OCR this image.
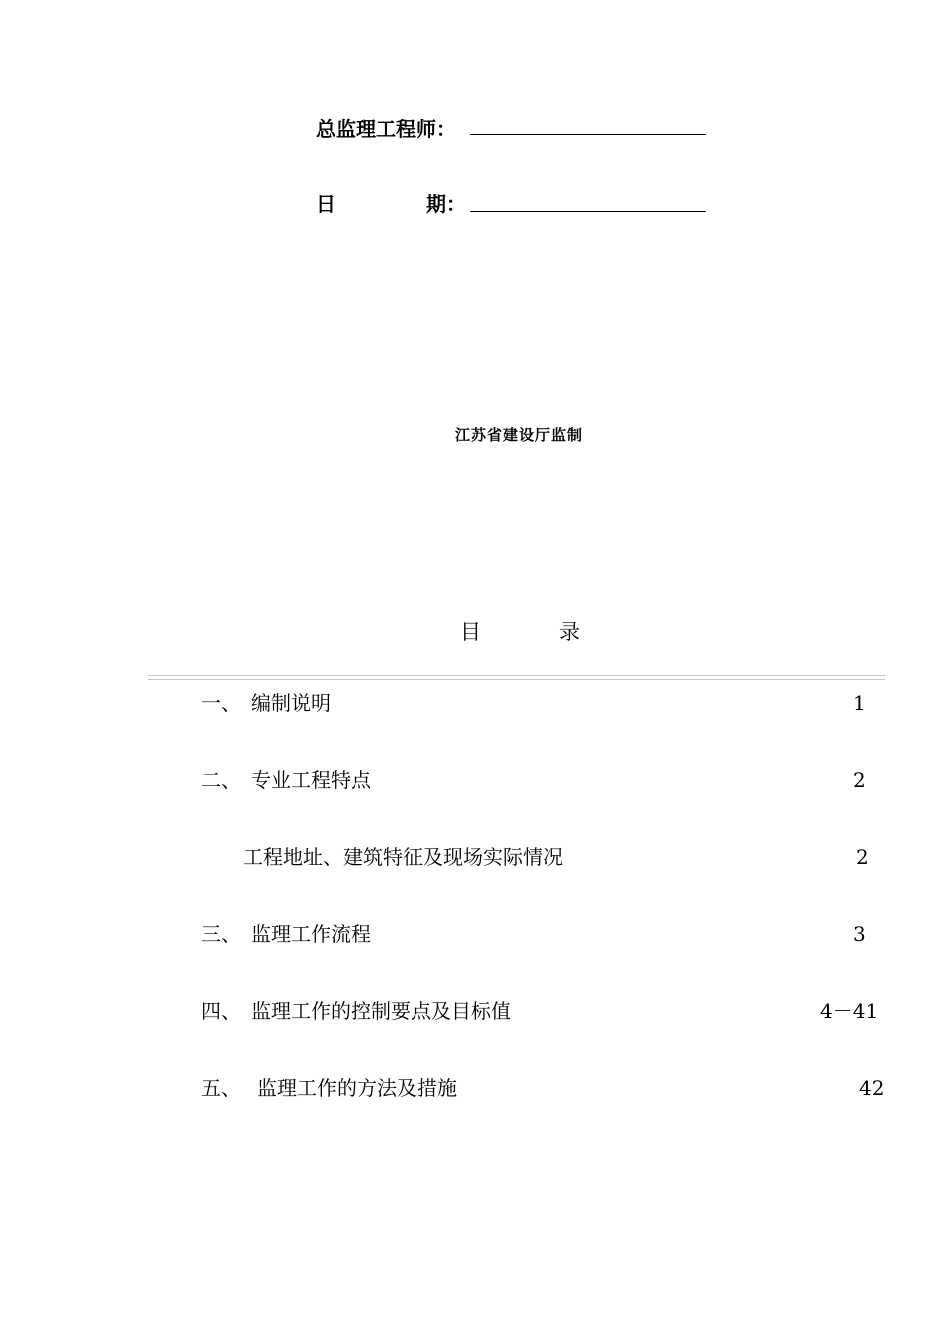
总监理工程师：
日	期：
江苏省建设厅监制
目	录
一、 编制说明	1
二、 专业工程特点	2
工程地址、建筑特征及现场实际情况	2
三、 监理工作流程	3
四、 监理工作的控制要点及目标值	4－41
五、 监理工作的方法及措施	42
